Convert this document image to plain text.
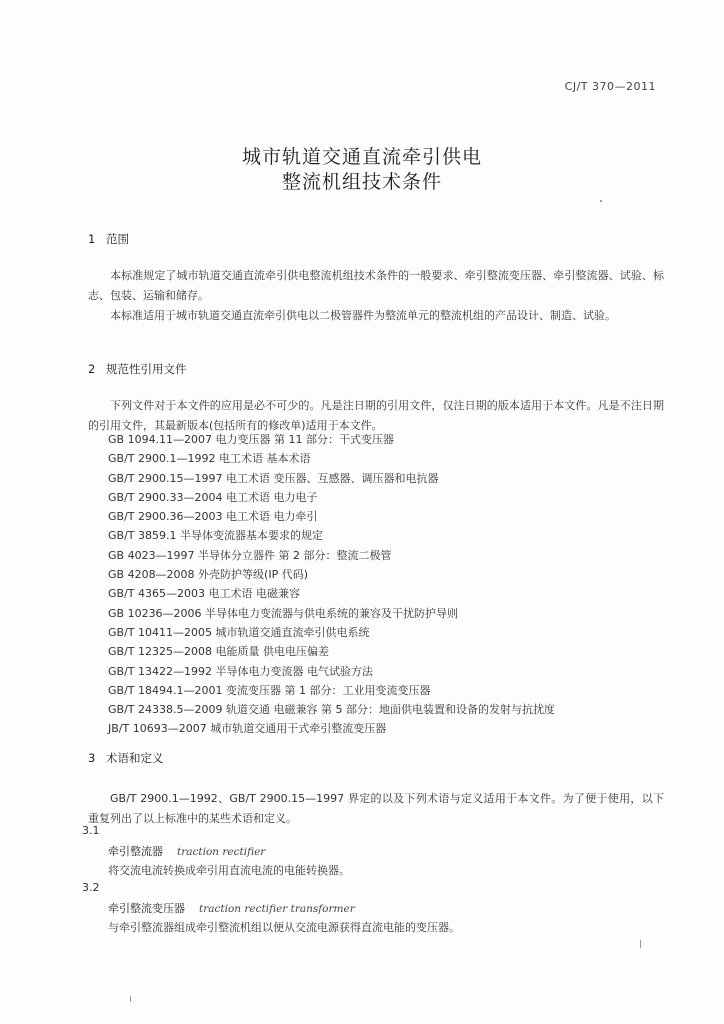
CJ/T 370—2011
城市轨道交通直流牵引供电
整流机组技术条件
1 范围
本标准规定了城市轨道交通直流牵引供电整流机组技术条件的一般要求、牵引整流变压器、牵引整流器、试验、标志、包装、运输和储存。
本标准适用于城市轨道交通直流牵引供电以二极管器件为整流单元的整流机组的产品设计、制造、试验。
2 规范性引用文件
下列文件对于本文件的应用是必不可少的。凡是注日期的引用文件，仅注日期的版本适用于本文件。凡是不注日期的引用文件，其最新版本(包括所有的修改单)适用于本文件。
GB 1094.11—2007 电力变压器 第 11 部分：干式变压器
GB/T 2900.1—1992 电工术语 基本术语
GB/T 2900.15—1997 电工术语 变压器、互感器、调压器和电抗器
GB/T 2900.33—2004 电工术语 电力电子
GB/T 2900.36—2003 电工术语 电力牵引
GB/T 3859.1 半导体变流器基本要求的规定
GB 4023—1997 半导体分立器件 第 2 部分：整流二极管
GB 4208—2008 外壳防护等级(IP 代码)
GB/T 4365—2003 电工术语 电磁兼容
GB 10236—2006 半导体电力变流器与供电系统的兼容及干扰防护导则
GB/T 10411—2005 城市轨道交通直流牵引供电系统
GB/T 12325—2008 电能质量 供电电压偏差
GB/T 13422—1992 半导体电力变流器 电气试验方法
GB/T 18494.1—2001 变流变压器 第 1 部分：工业用变流变压器
GB/T 24338.5—2009 轨道交通 电磁兼容 第 5 部分：地面供电装置和设备的发射与抗扰度
JB/T 10693—2007 城市轨道交通用干式牵引整流变压器
3 术语和定义
GB/T 2900.1—1992、GB/T 2900.15—1997 界定的以及下列术语与定义适用于本文件。为了便于使用，以下重复列出了以上标准中的某些术语和定义。
3.1
牵引整流器 traction rectifier
将交流电流转换成牵引用直流电流的电能转换器。
3.2
牵引整流变压器 traction rectifier transformer
与牵引整流器组成牵引整流机组以便从交流电源获得直流电能的变压器。
